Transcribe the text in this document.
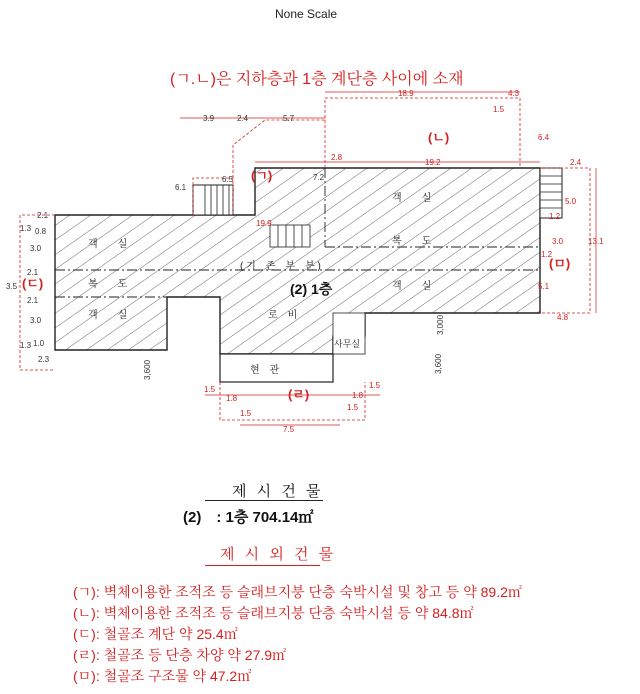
None Scale
(ㄱ.ㄴ)은 지하층과 1층 계단층 사이에 소재
객　　실
복　　도
객　　실
객　　실
복　　도
객　　실
( 기　존　부　분 )
로　비
사무실
현　관
(2) 1층
(ㄱ)
(ㄴ)
(ㄷ)
(ㄹ)
(ㅁ)
2.1
0.8
1.3
3.0
2.1
3.5
2.1
3.0
1.3 1.0
2.3
3.9	2.4	5.7
6.5
6.1
7.2
3,000
3,600
3,600
2.8
19.2
19.9
4.3
1.5
6.4
2.4
5.0
1.2
3.0
1.2
5.1
4.8
13.1
18.9
1.5
1.8
1.5
1.8
1.5
1.5
7.5
제 시 건 물
(2)　: 1층 704.14㎡
제 시 외 건 물
(ㄱ): 벽체이용한 조적조 등 슬래브지붕 단층 숙박시설 및 창고 등 약 89.2㎡
(ㄴ): 벽체이용한 조적조 등 슬래브지붕 단층 숙박시설 등 약 84.8㎡
(ㄷ): 철골조 계단 약 25.4㎡
(ㄹ): 철골조 등 단층 차양 약 27.9㎡
(ㅁ): 철골조 구조물 약 47.2㎡
